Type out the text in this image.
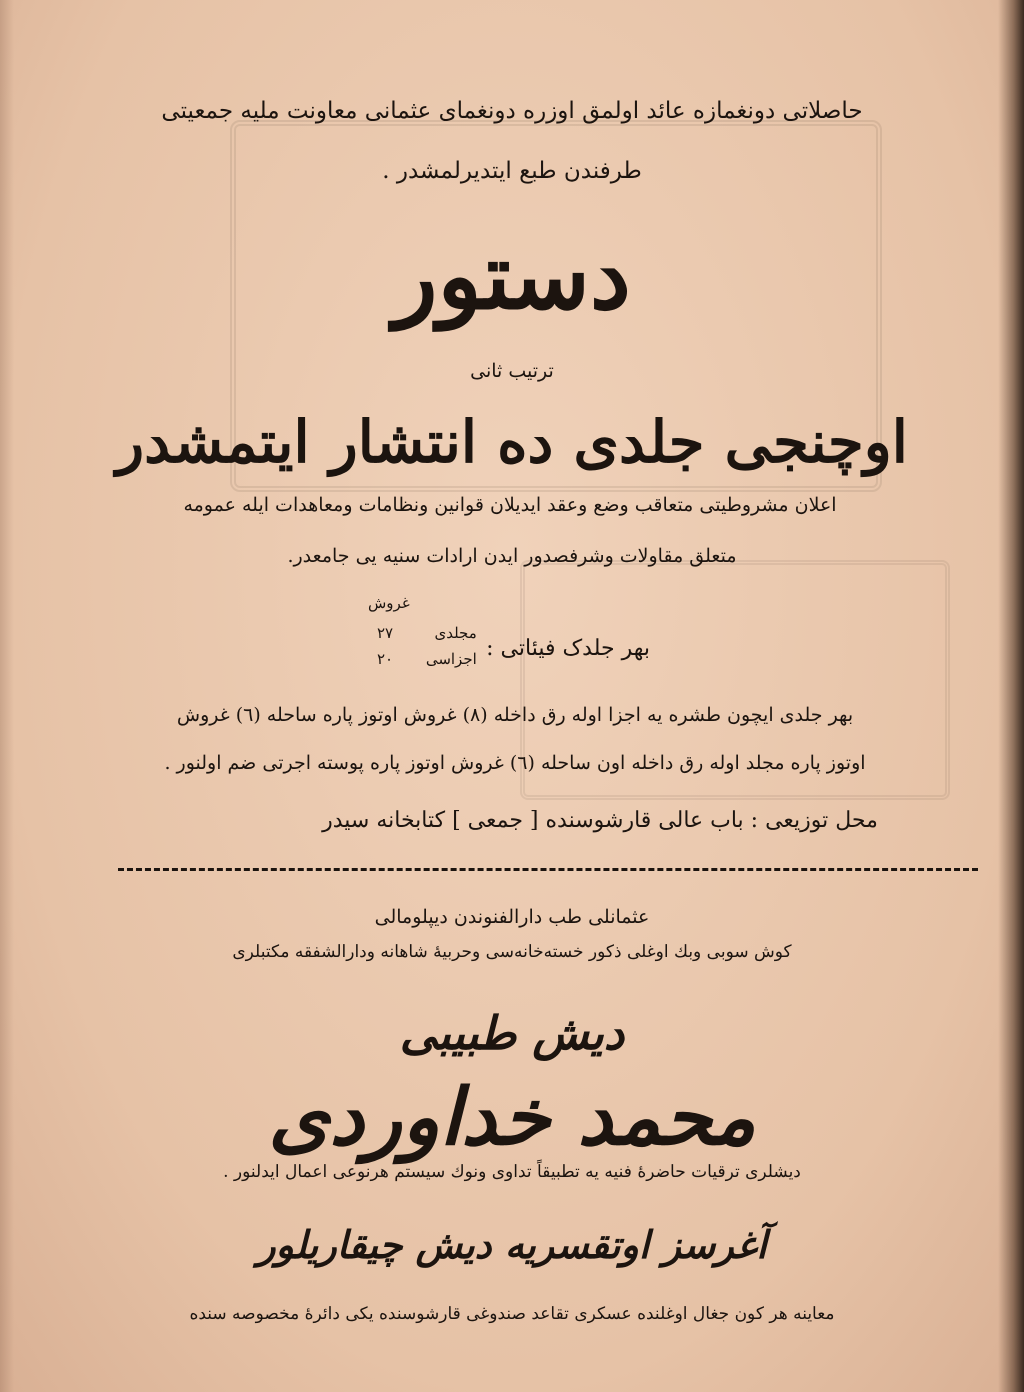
حاصلاتی دونغمازه عائد اولمق اوزره دونغمای عثمانی معاونت ملیه جمعیتی
طرفندن طبع ایتدیرلمشدر .
دستور
ترتیب ثانی
اوچنجی جلدی ده انتشار ایتمشدر
اعلان مشروطیتی متعاقب وضع وعقد ایدیلان قوانین ونظامات ومعاهدات ایله عمومه
متعلق مقاولات وشرفصدور ایدن ارادات سنیه یی جامعدر.
غروش
بهر جلدک فیئاتی :
مجلدی ٢٧
اجزاسی ٢٠
بهر جلدی ایچون طشره یه اجزا اوله رق داخله (٨) غروش اوتوز پاره ساحله (٦) غروش
اوتوز پاره مجلد اوله رق داخله اون ساحله (٦) غروش اوتوز پاره پوسته اجرتی ضم اولنور .
محل توزیعی : باب عالی قارشوسنده [ جمعی ] کتابخانه سیدر
عثمانلی طب دارالفنوندن دیپلومالی
کوش سوبی وبك اوغلی ذکور خستەخانەسی وحربیهٔ شاهانه ودارالشفقه مکتبلری
دیش طبیبی
محمد خداوردی
دیشلری ترقیات حاضرهٔ فنیه یه تطبیقاً تداوی ونوك سیستم هرنوعی اعمال ایدلنور .
آغرسز اوتقسریه دیش چیقاریلور
معاینه هر کون جغال اوغلنده عسکری تقاعد صندوغی قارشوسنده یکی دائرهٔ مخصوصه سنده
